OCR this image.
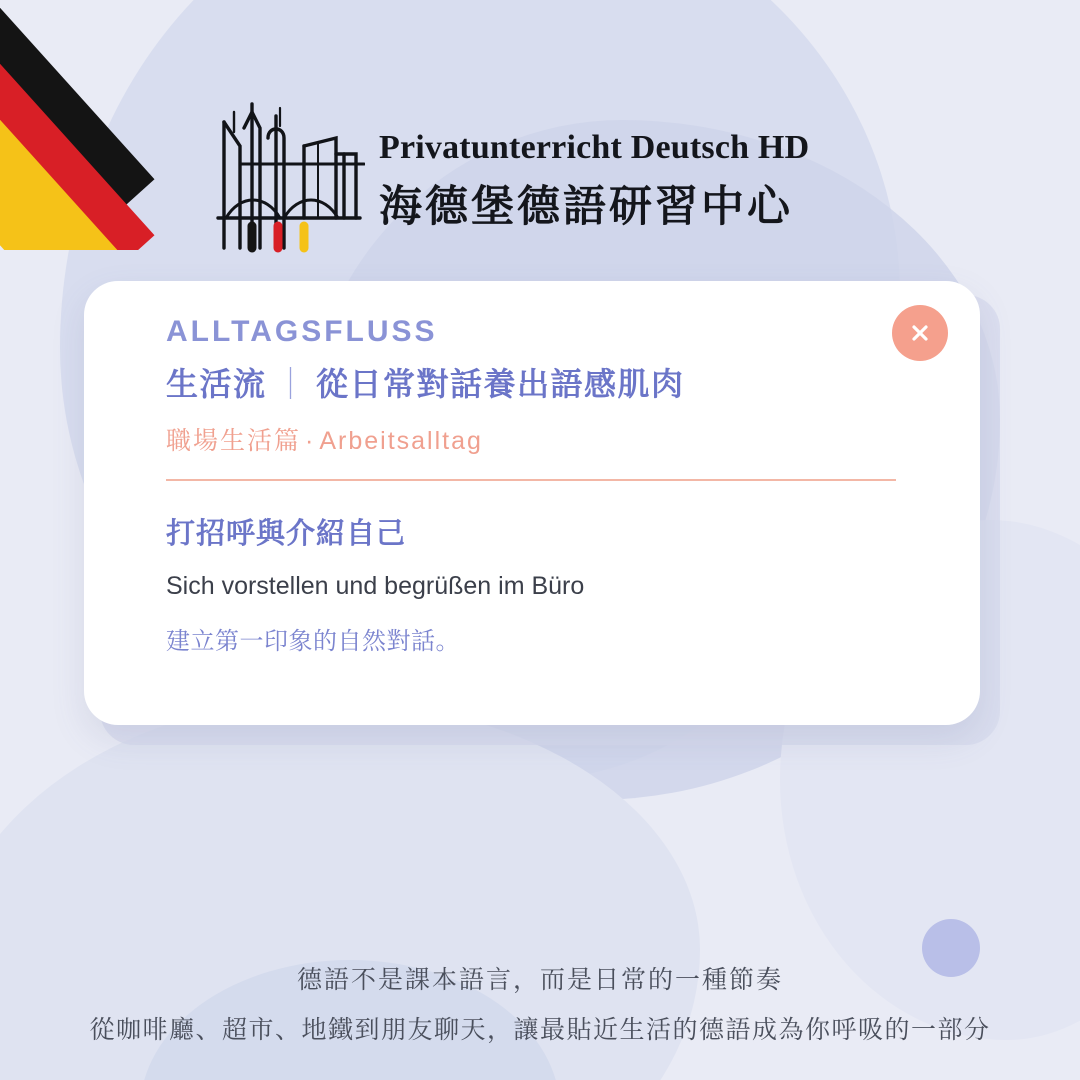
Privatunterricht Deutsch HD
海德堡德語研習中心
ALLTAGSFLUSS
生活流 ｜ 從日常對話養出語感肌肉
職場生活篇 · Arbeitsalltag
打招呼與介紹自己
Sich vorstellen und begrüßen im Büro
建立第一印象的自然對話。
德語不是課本語言，而是日常的一種節奏
從咖啡廳、超市、地鐵到朋友聊天，讓最貼近生活的德語成為你呼吸的一部分
